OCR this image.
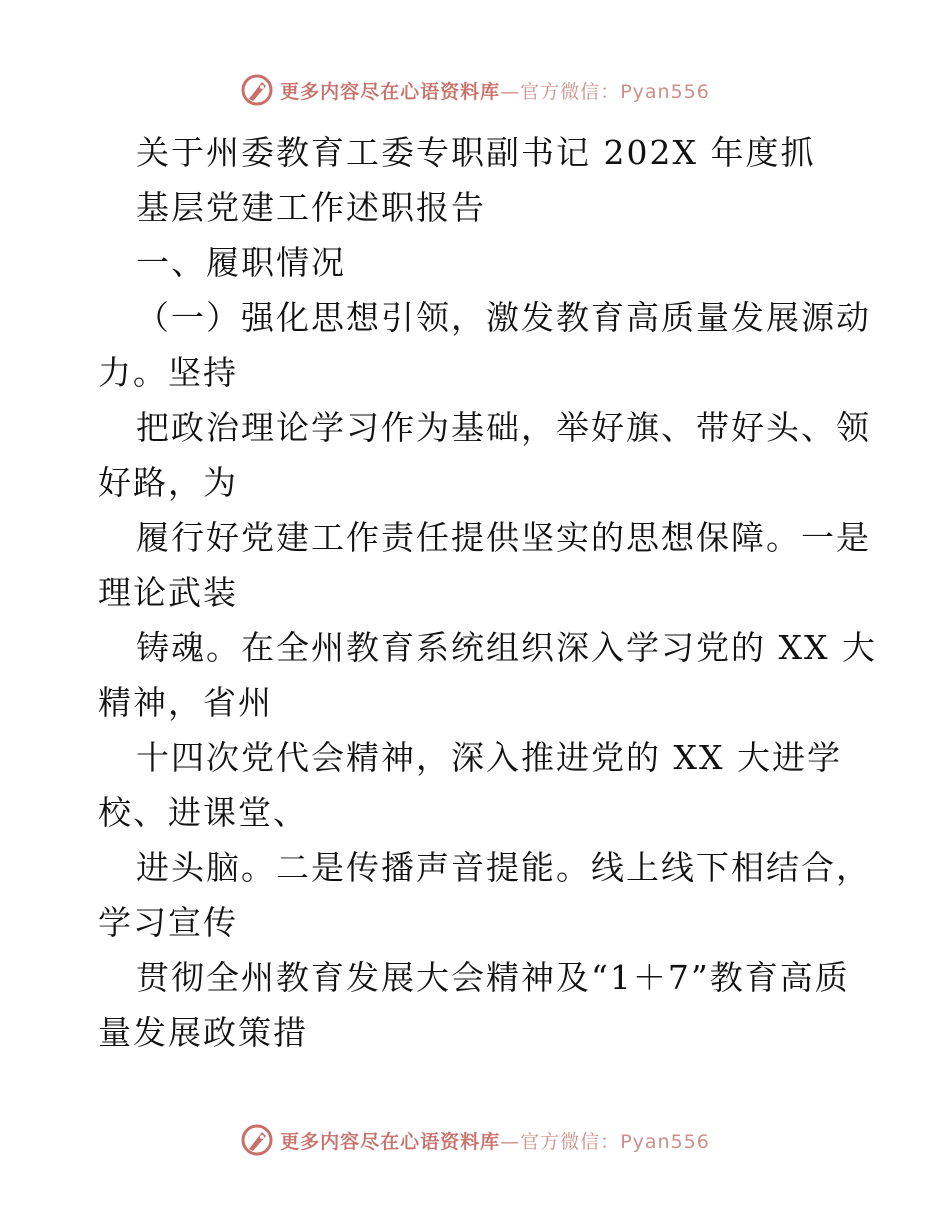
更多内容尽在心语资料库—官方微信：Pyan556
关于州委教育工委专职副书记 202X 年度抓
基层党建工作述职报告
一、履职情况
（一）强化思想引领，激发教育高质量发展源动
力。坚持
把政治理论学习作为基础，举好旗、带好头、领
好路，为
履行好党建工作责任提供坚实的思想保障。一是
理论武装
铸魂。在全州教育系统组织深入学习党的 XX 大
精神，省州
十四次党代会精神，深入推进党的 XX 大进学
校、进课堂、
进头脑。二是传播声音提能。线上线下相结合，
学习宣传
贯彻全州教育发展大会精神及“1＋7”教育高质
量发展政策措
更多内容尽在心语资料库—官方微信：Pyan556
